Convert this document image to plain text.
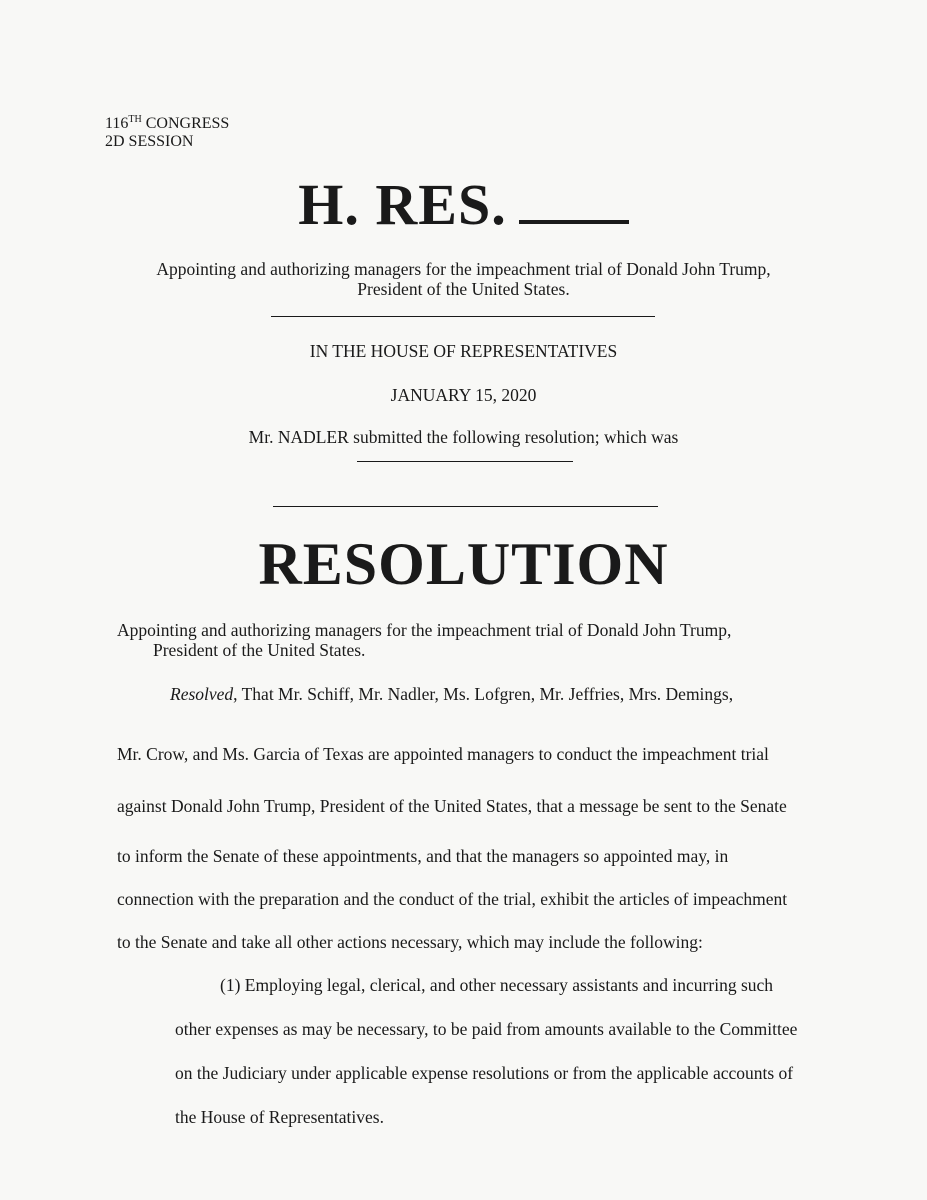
116TH CONGRESS
2D SESSION
H. RES.
Appointing and authorizing managers for the impeachment trial of Donald John Trump,
President of the United States.
IN THE HOUSE OF REPRESENTATIVES
JANUARY 15, 2020
Mr. NADLER submitted the following resolution; which was
RESOLUTION
Appointing and authorizing managers for the impeachment trial of Donald John Trump,
President of the United States.
Resolved, That Mr. Schiff, Mr. Nadler, Ms. Lofgren, Mr. Jeffries, Mrs. Demings,
Mr. Crow, and Ms. Garcia of Texas are appointed managers to conduct the impeachment trial
against Donald John Trump, President of the United States, that a message be sent to the Senate
to inform the Senate of these appointments, and that the managers so appointed may, in
connection with the preparation and the conduct of the trial, exhibit the articles of impeachment
to the Senate and take all other actions necessary, which may include the following:
(1) Employing legal, clerical, and other necessary assistants and incurring such
other expenses as may be necessary, to be paid from amounts available to the Committee
on the Judiciary under applicable expense resolutions or from the applicable accounts of
the House of Representatives.
